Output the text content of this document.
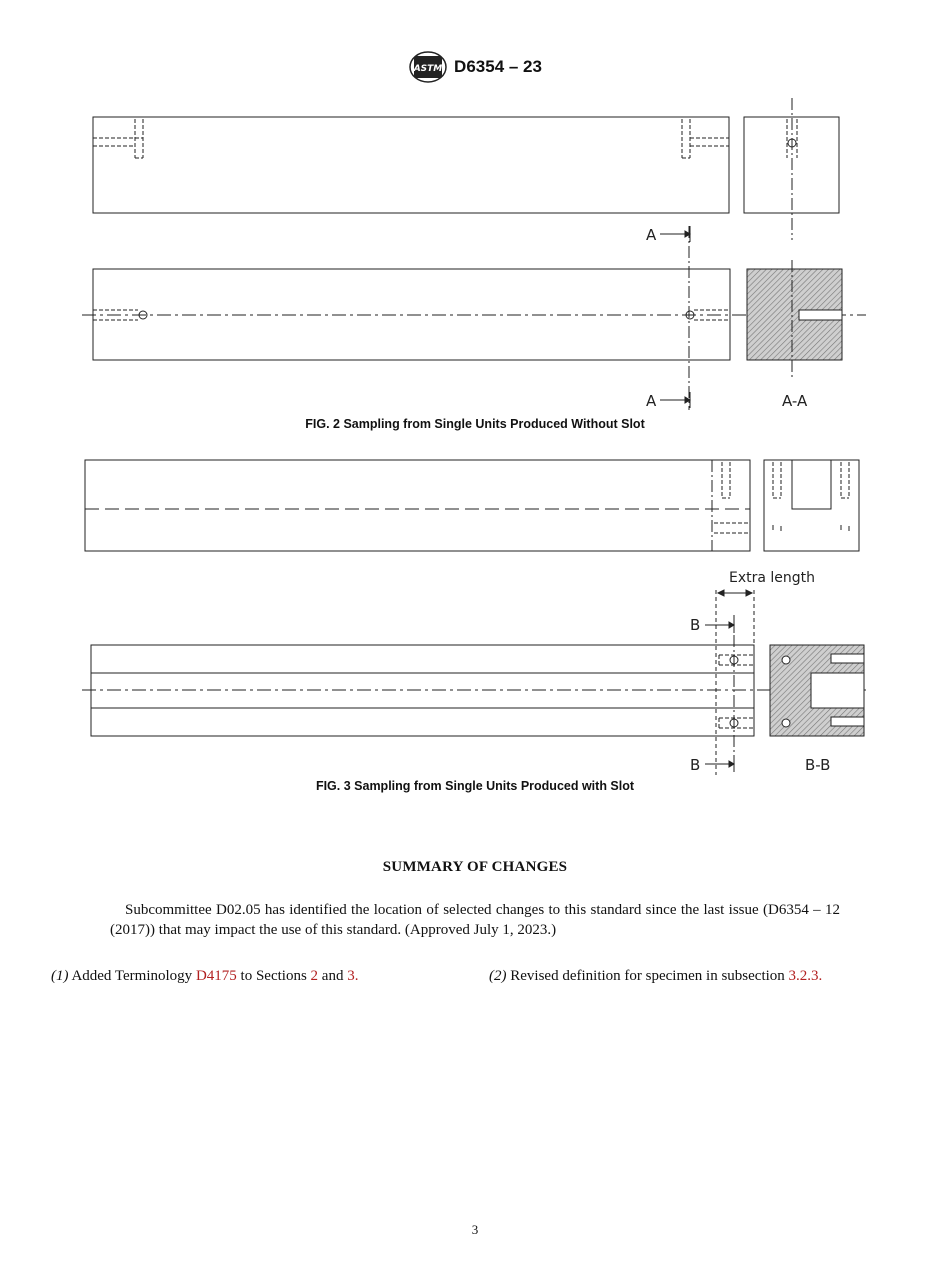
ASTM D6354 – 23
A
A	A-A
Extra length
B
B	B-B
FIG. 2 Sampling from Single Units Produced Without Slot
FIG. 3 Sampling from Single Units Produced with Slot
SUMMARY OF CHANGES
Subcommittee D02.05 has identified the location of selected changes to this standard since the last issue (D6354 – 12 (2017)) that may impact the use of this standard. (Approved July 1, 2023.)
(1) Added Terminology D4175 to Sections 2 and 3.	(2) Revised definition for specimen in subsection 3.2.3.
3
